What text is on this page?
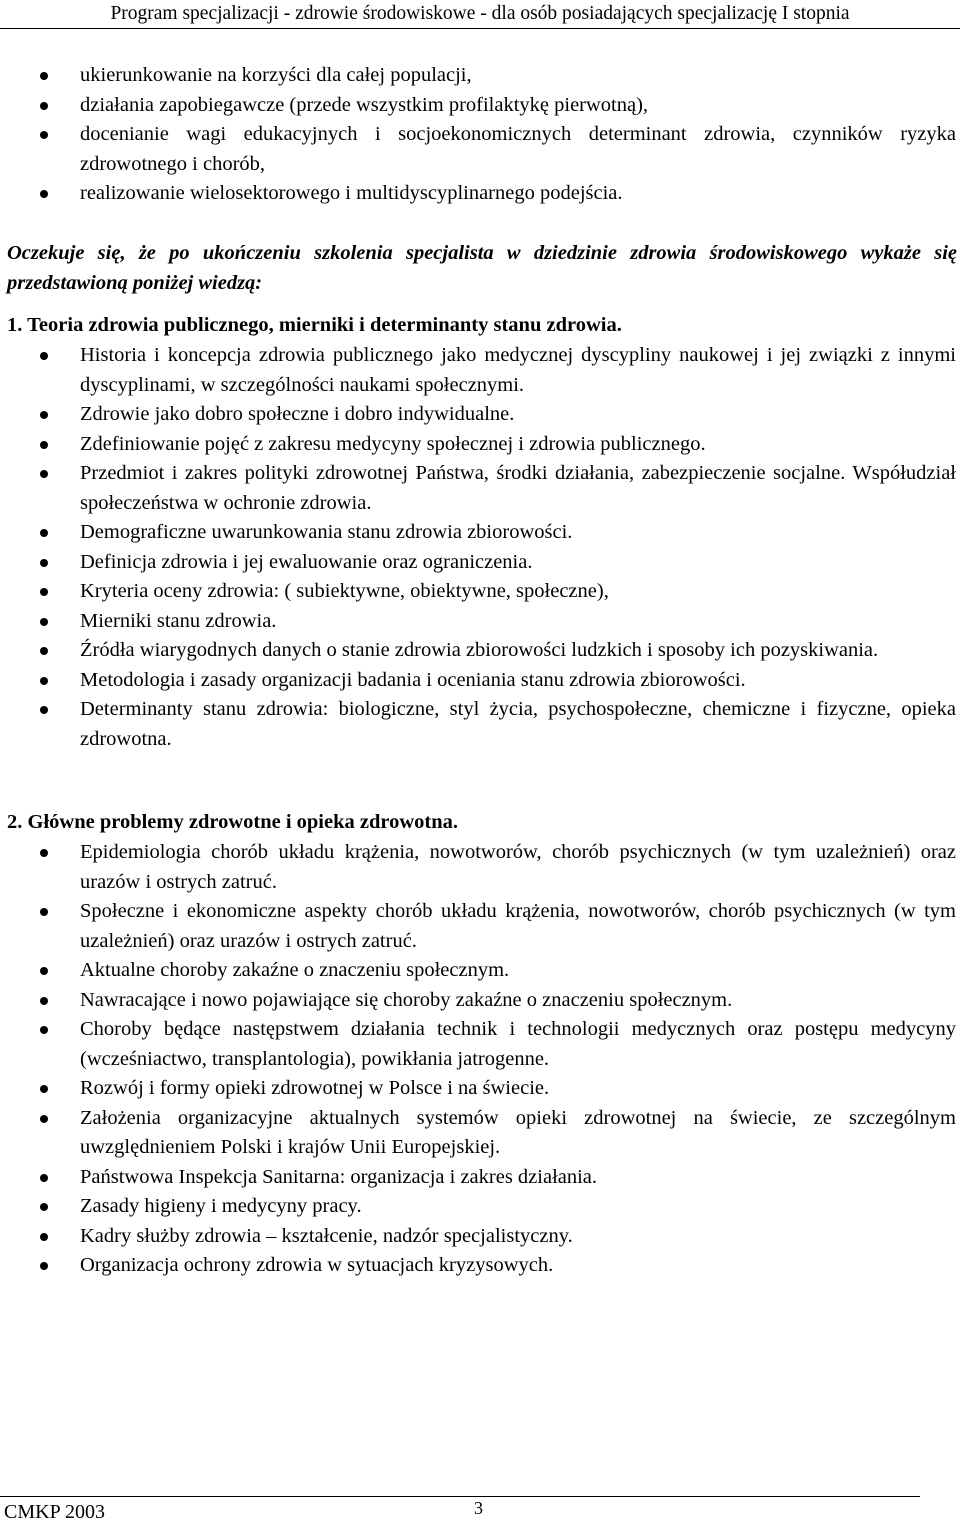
Program specjalizacji - zdrowie środowiskowe - dla osób posiadających specjalizację I stopnia
ukierunkowanie na korzyści dla całej populacji,
działania zapobiegawcze (przede wszystkim profilaktykę pierwotną),
docenianie wagi edukacyjnych i socjoekonomicznych determinant zdrowia, czynników ryzyka zdrowotnego i chorób,
realizowanie wielosektorowego i multidyscyplinarnego podejścia.

Oczekuje się, że po ukończeniu szkolenia specjalista w dziedzinie zdrowia środowiskowego wykaże się przedstawioną poniżej wiedzą:

1. Teoria zdrowia publicznego, mierniki i determinanty stanu zdrowia.

Historia i koncepcja zdrowia publicznego jako medycznej dyscypliny naukowej i jej związki z innymi dyscyplinami, w szczególności naukami społecznymi.
Zdrowie jako dobro społeczne i dobro indywidualne.
Zdefiniowanie pojęć z zakresu medycyny społecznej i zdrowia publicznego.
Przedmiot i zakres polityki zdrowotnej Państwa, środki działania, zabezpieczenie socjalne. Współudział społeczeństwa w ochronie zdrowia.
Demograficzne uwarunkowania stanu zdrowia zbiorowości.
Definicja zdrowia i jej ewaluowanie oraz ograniczenia.
Kryteria oceny zdrowia: ( subiektywne, obiektywne, społeczne),
Mierniki stanu zdrowia.
Źródła wiarygodnych danych o stanie zdrowia zbiorowości ludzkich i sposoby ich pozyskiwania.
Metodologia i zasady organizacji badania i oceniania stanu zdrowia zbiorowości.
Determinanty stanu zdrowia: biologiczne, styl życia, psychospołeczne, chemiczne i fizyczne, opieka zdrowotna.

2. Główne problemy zdrowotne i opieka zdrowotna.

Epidemiologia chorób układu krążenia, nowotworów, chorób psychicznych (w tym uzależnień) oraz urazów i ostrych zatruć.
Społeczne i ekonomiczne aspekty chorób układu krążenia, nowotworów, chorób psychicznych (w tym uzależnień) oraz urazów i ostrych zatruć.
Aktualne choroby zakaźne o znaczeniu społecznym.
Nawracające i nowo pojawiające się choroby zakaźne o znaczeniu społecznym.
Choroby będące następstwem działania technik i technologii medycznych oraz postępu medycyny (wcześniactwo, transplantologia), powikłania jatrogenne.
Rozwój i formy opieki zdrowotnej w Polsce i na świecie.
Założenia organizacyjne aktualnych systemów opieki zdrowotnej na świecie, ze szczególnym uwzględnieniem Polski i krajów Unii Europejskiej.
Państwowa Inspekcja Sanitarna: organizacja i zakres działania.
Zasady higieny i medycyny pracy.
Kadry służby zdrowia – kształcenie, nadzór specjalistyczny.
Organizacja ochrony zdrowia w sytuacjach kryzysowych.
CMKP 2003	3
